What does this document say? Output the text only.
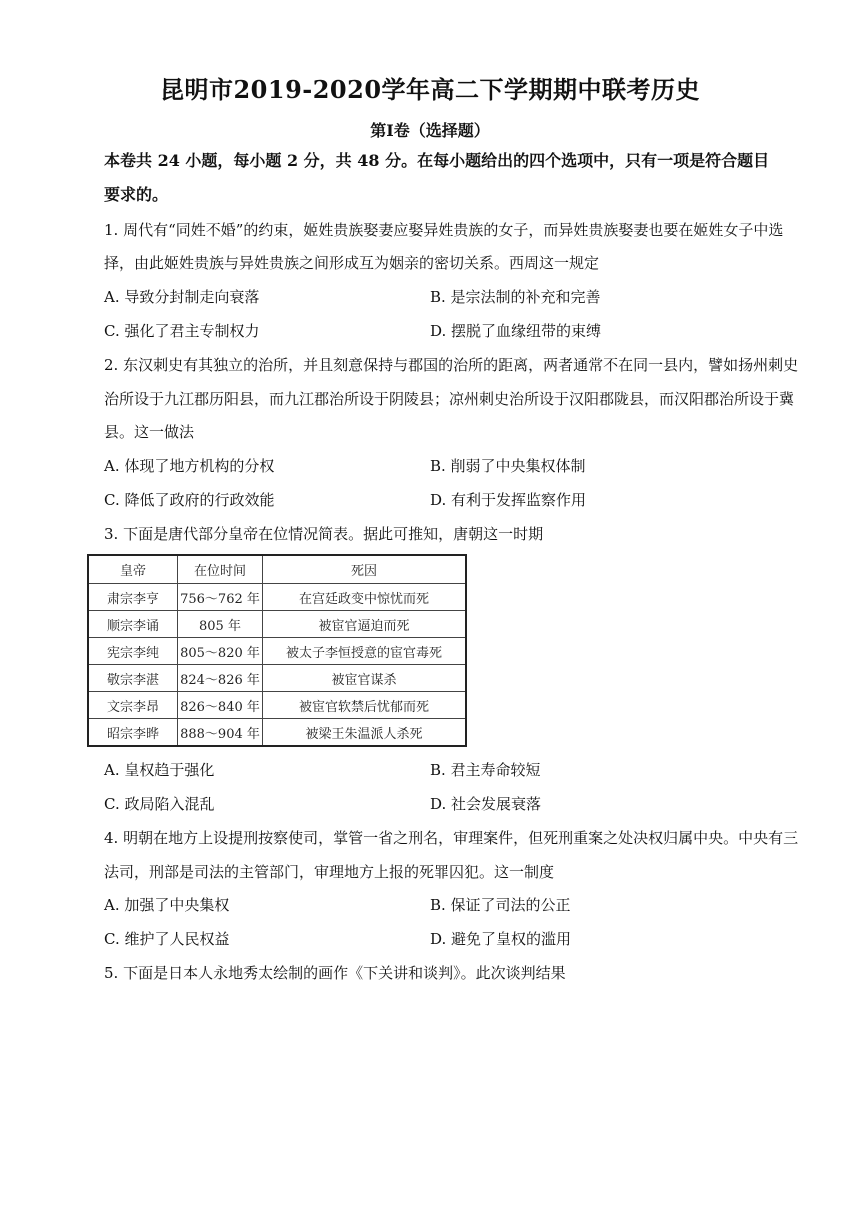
昆明市2019-2020学年高二下学期期中联考历史
第Ⅰ卷（选择题）
本卷共 24 小题，每小题 2 分，共 48 分。在每小题给出的四个选项中，只有一项是符合题目
要求的。
1. 周代有“同姓不婚”的约束，姬姓贵族娶妻应娶异姓贵族的女子，而异姓贵族娶妻也要在姬姓女子中选
择，由此姬姓贵族与异姓贵族之间形成互为姻亲的密切关系。西周这一规定
A. 导致分封制走向衰落	B. 是宗法制的补充和完善
C. 强化了君主专制权力	D. 摆脱了血缘纽带的束缚
2. 东汉刺史有其独立的治所，并且刻意保持与郡国的治所的距离，两者通常不在同一县内，譬如扬州刺史
治所设于九江郡历阳县，而九江郡治所设于阴陵县；凉州刺史治所设于汉阳郡陇县，而汉阳郡治所设于冀
县。这一做法
A. 体现了地方机构的分权	B. 削弱了中央集权体制
C. 降低了政府的行政效能	D. 有利于发挥监察作用
3. 下面是唐代部分皇帝在位情况简表。据此可推知，唐朝这一时期
皇帝	在位时间	死因
肃宗李亨	756～762 年	在宫廷政变中惊忧而死
顺宗李诵	805 年	被宦官逼迫而死
宪宗李纯	805～820 年	被太子李恒授意的宦官毒死
敬宗李湛	824～826 年	被宦官谋杀
文宗李昂	826～840 年	被宦官软禁后忧郁而死
昭宗李晔	888～904 年	被梁王朱温派人杀死
A. 皇权趋于强化	B. 君主寿命较短
C. 政局陷入混乱	D. 社会发展衰落
4. 明朝在地方上设提刑按察使司，掌管一省之刑名，审理案件，但死刑重案之处决权归属中央。中央有三
法司，刑部是司法的主管部门，审理地方上报的死罪囚犯。这一制度
A. 加强了中央集权	B. 保证了司法的公正
C. 维护了人民权益	D. 避免了皇权的滥用
5. 下面是日本人永地秀太绘制的画作《下关讲和谈判》。此次谈判结果
